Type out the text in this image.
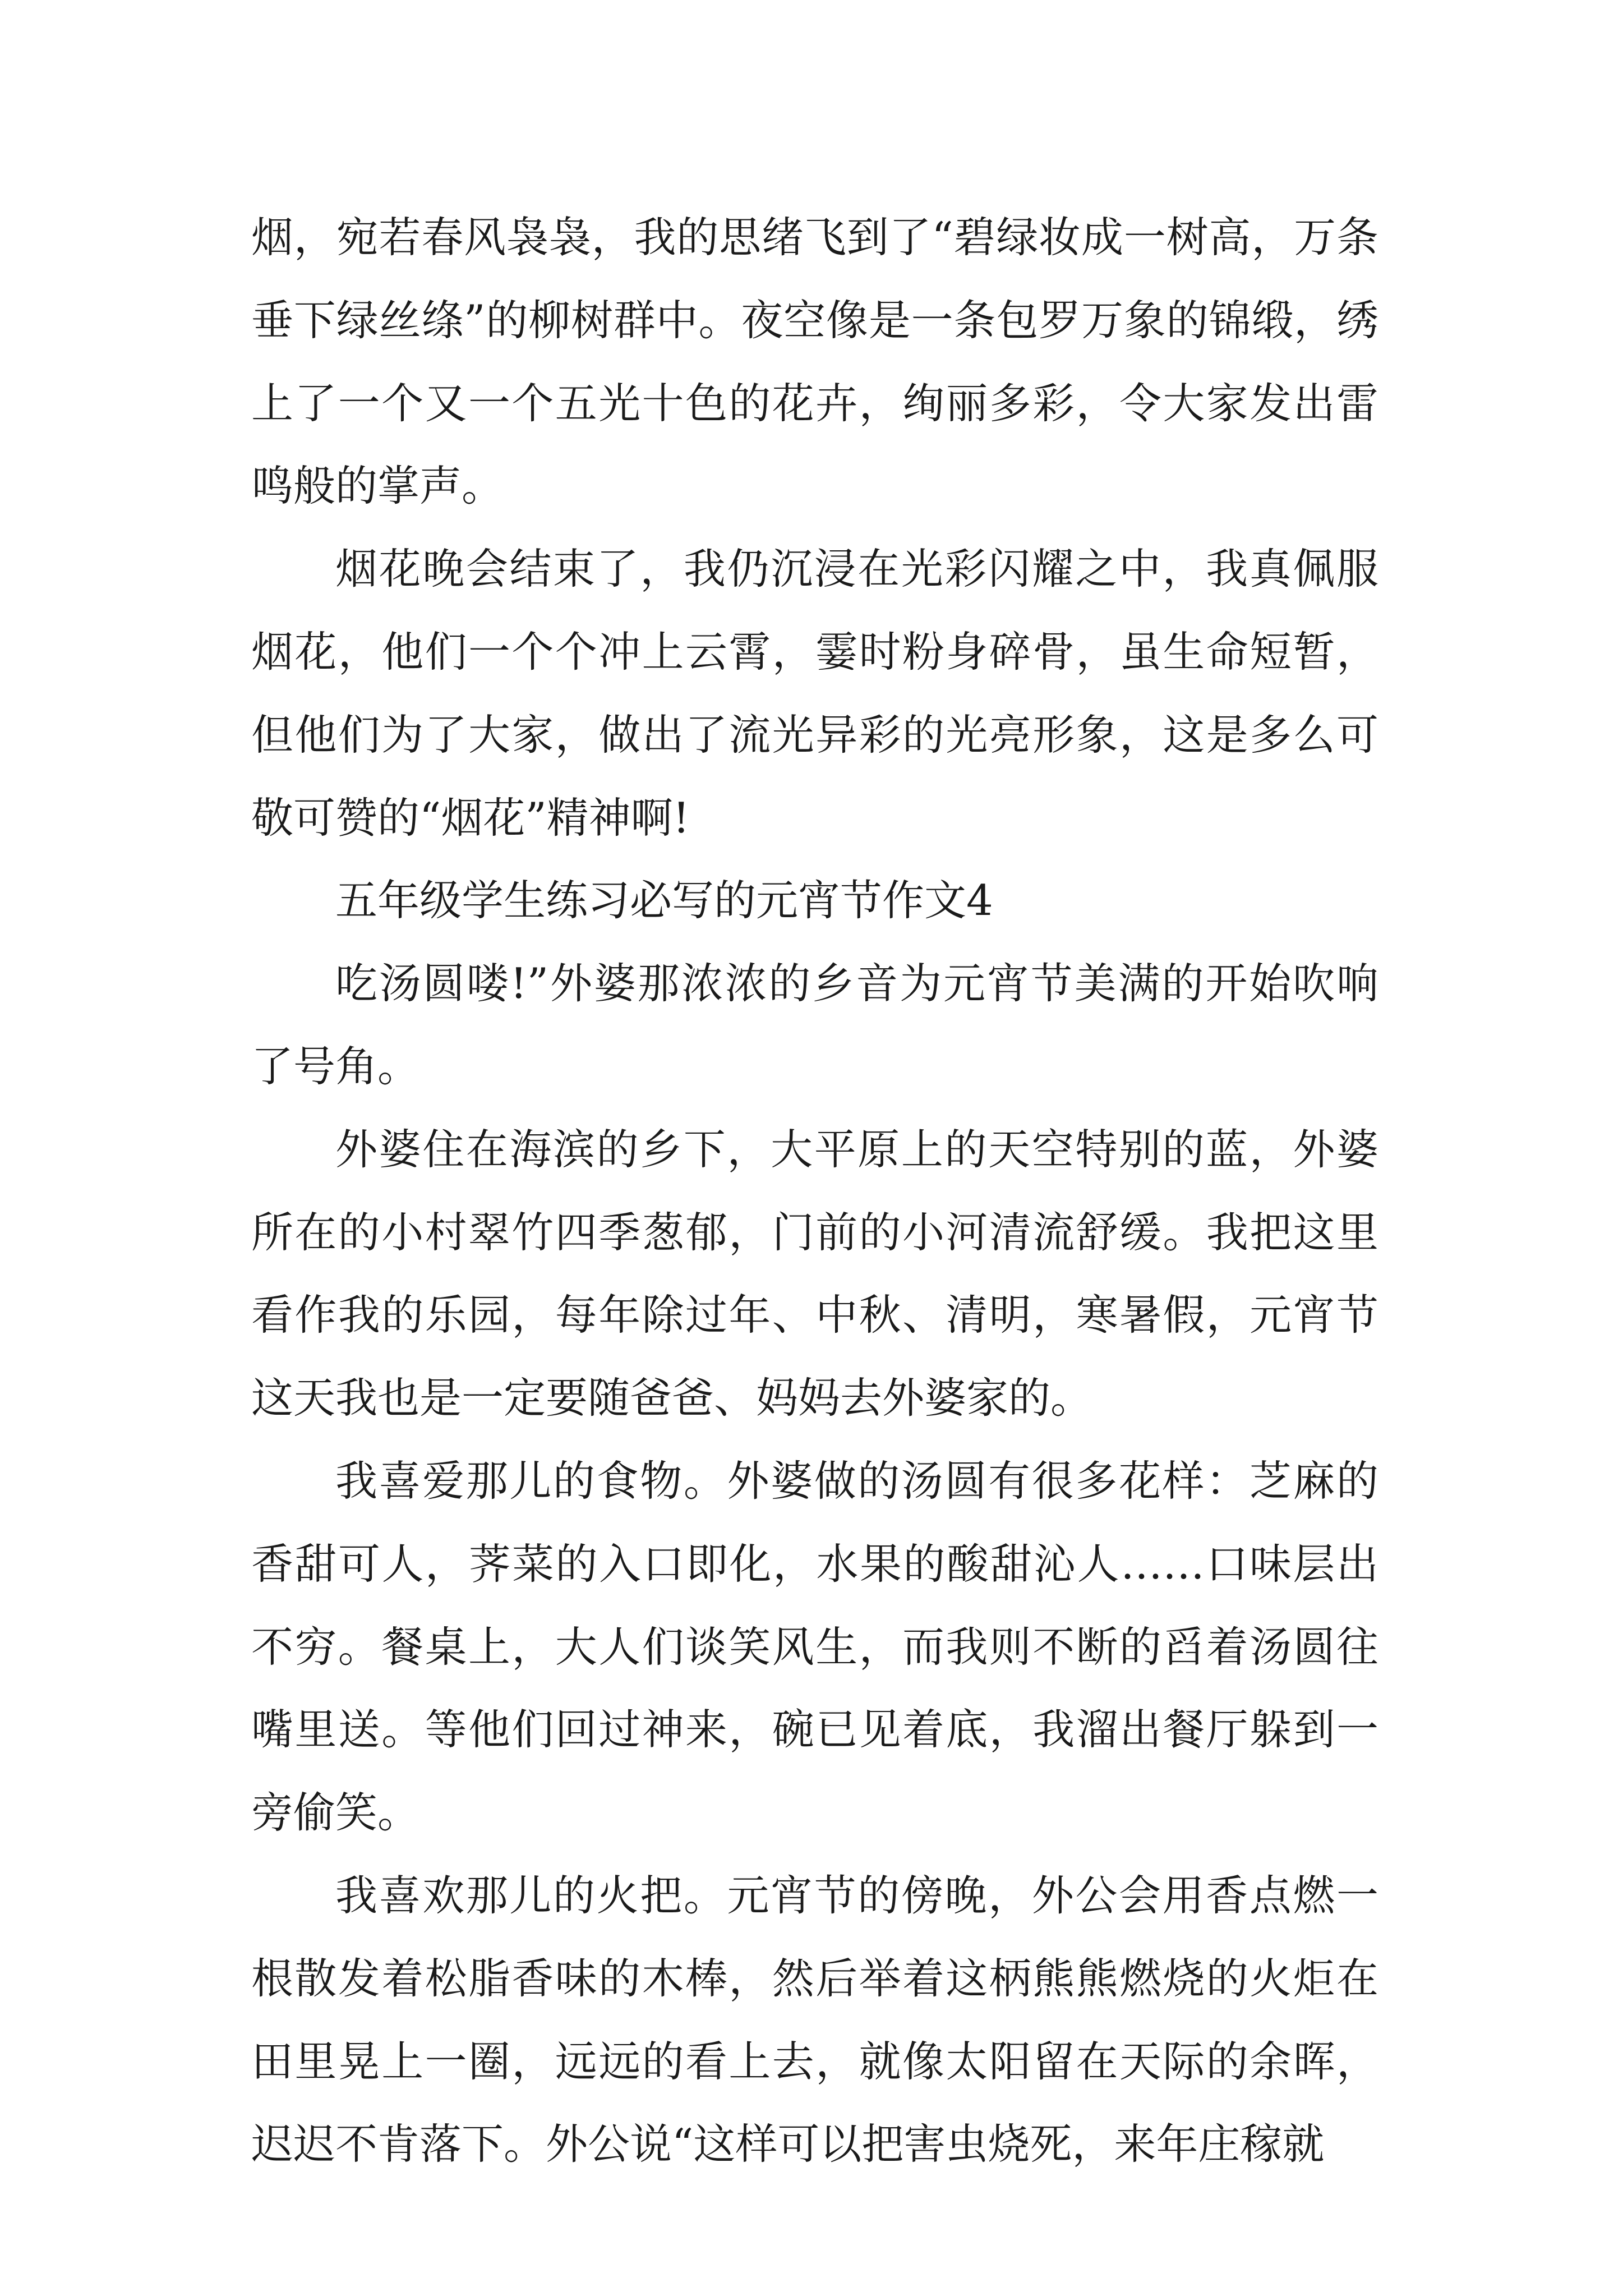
烟，宛若春风袅袅，我的思绪飞到了“碧绿妆成一树高，万条垂下绿丝绦”的柳树群中。夜空像是一条包罗万象的锦缎，绣上了一个又一个五光十色的花卉，绚丽多彩，令大家发出雷鸣般的掌声。

烟花晚会结束了，我仍沉浸在光彩闪耀之中，我真佩服烟花，他们一个个冲上云霄，霎时粉身碎骨，虽生命短暂，但他们为了大家，做出了流光异彩的光亮形象，这是多么可敬可赞的“烟花”精神啊!

五年级学生练习必写的元宵节作文4

吃汤圆喽!”外婆那浓浓的乡音为元宵节美满的开始吹响了号角。

外婆住在海滨的乡下，大平原上的天空特别的蓝，外婆所在的小村翠竹四季葱郁，门前的小河清流舒缓。我把这里看作我的乐园，每年除过年、中秋、清明，寒暑假，元宵节这天我也是一定要随爸爸、妈妈去外婆家的。

我喜爱那儿的食物。外婆做的汤圆有很多花样：芝麻的香甜可人，荠菜的入口即化，水果的酸甜沁人……口味层出不穷。餐桌上，大人们谈笑风生，而我则不断的舀着汤圆往嘴里送。等他们回过神来，碗已见着底，我溜出餐厅躲到一旁偷笑。

我喜欢那儿的火把。元宵节的傍晚，外公会用香点燃一根散发着松脂香味的木棒，然后举着这柄熊熊燃烧的火炬在田里晃上一圈，远远的看上去，就像太阳留在天际的余晖，迟迟不肯落下。外公说“这样可以把害虫烧死，来年庄稼就
